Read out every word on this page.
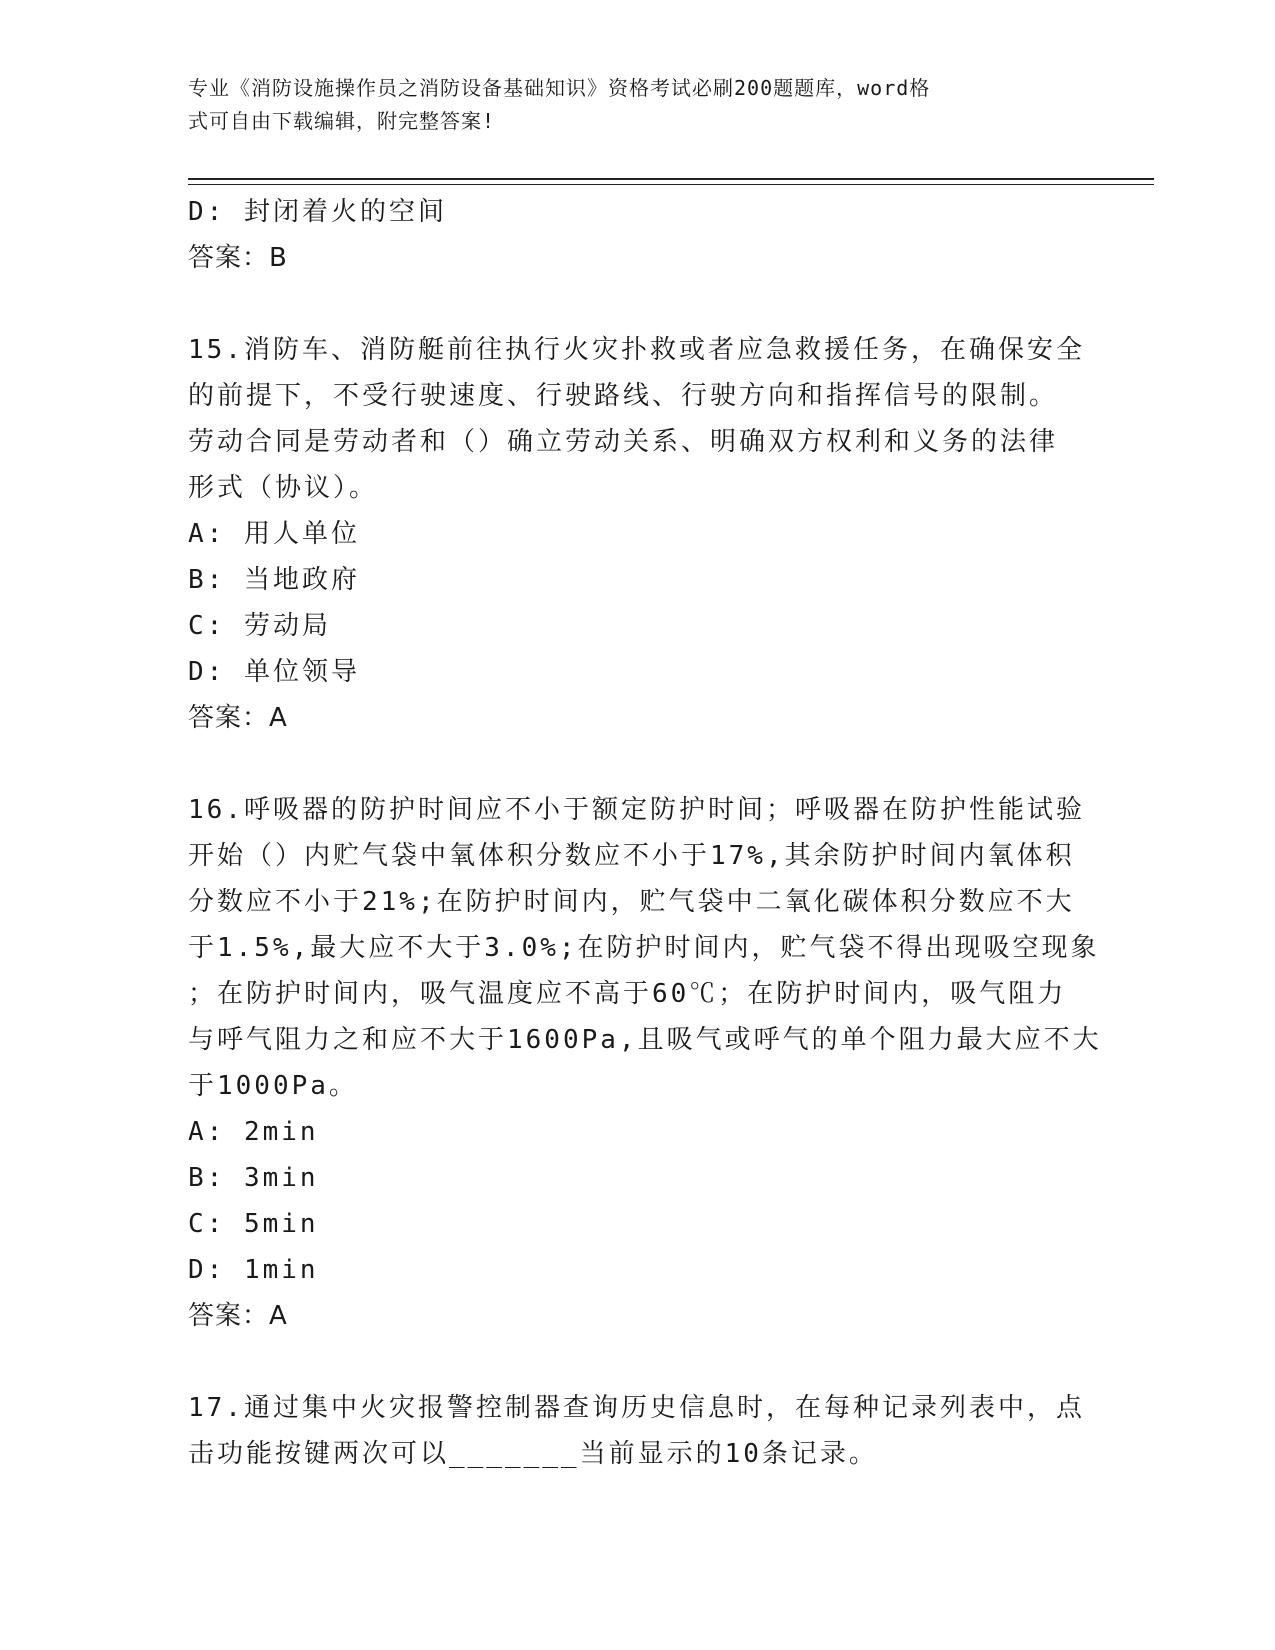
专业《消防设施操作员之消防设备基础知识》资格考试必刷200题题库，word格
式可自由下载编辑，附完整答案!
D: 封闭着火的空间
答案：B
15.消防车、消防艇前往执行火灾扑救或者应急救援任务，在确保安全
的前提下，不受行驶速度、行驶路线、行驶方向和指挥信号的限制。
劳动合同是劳动者和（）确立劳动关系、明确双方权利和义务的法律
形式（协议）。
A: 用人单位
B: 当地政府
C: 劳动局
D: 单位领导
答案：A
16.呼吸器的防护时间应不小于额定防护时间；呼吸器在防护性能试验
开始（）内贮气袋中氧体积分数应不小于17%,其余防护时间内氧体积
分数应不小于21%;在防护时间内，贮气袋中二氧化碳体积分数应不大
于1.5%,最大应不大于3.0%;在防护时间内，贮气袋不得出现吸空现象
；在防护时间内，吸气温度应不高于60℃；在防护时间内，吸气阻力
与呼气阻力之和应不大于1600Pa,且吸气或呼气的单个阻力最大应不大
于1000Pa。
A: 2min
B: 3min
C: 5min
D: 1min
答案：A
17.通过集中火灾报警控制器查询历史信息时，在每种记录列表中，点
击功能按键两次可以_______当前显示的10条记录。
